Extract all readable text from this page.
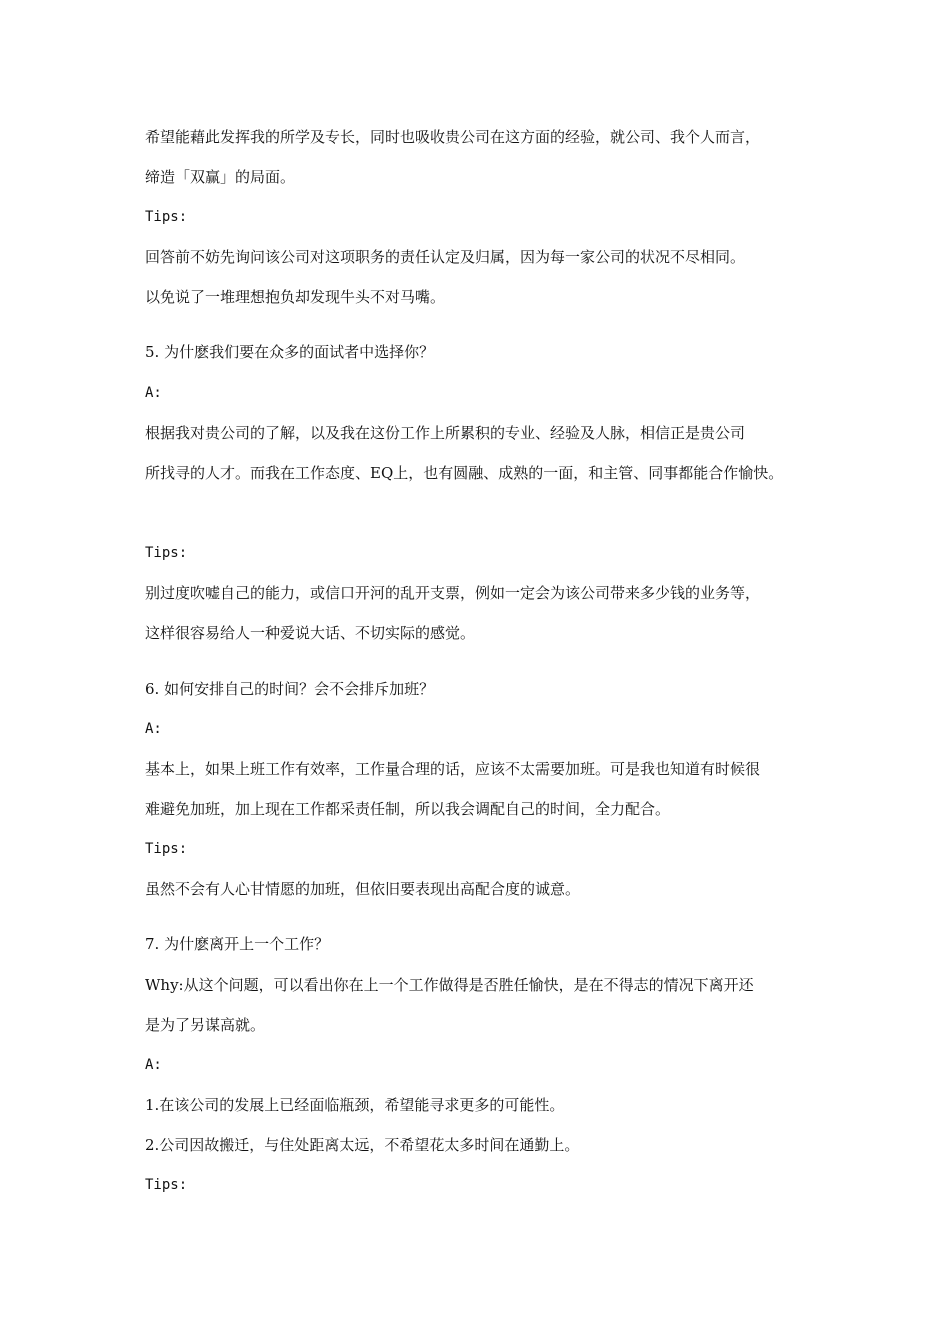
希望能藉此发挥我的所学及专长，同时也吸收贵公司在这方面的经验，就公司、我个人而言，
缔造「双赢」的局面。
Tips:
回答前不妨先询问该公司对这项职务的责任认定及归属，因为每一家公司的状况不尽相同。
以免说了一堆理想抱负却发现牛头不对马嘴。
5. 为什麽我们要在众多的面试者中选择你？
A:
根据我对贵公司的了解，以及我在这份工作上所累积的专业、经验及人脉，相信正是贵公司
所找寻的人才。而我在工作态度、EQ上，也有圆融、成熟的一面，和主管、同事都能合作愉快。
Tips:
别过度吹嘘自己的能力，或信口开河的乱开支票，例如一定会为该公司带来多少钱的业务等，
这样很容易给人一种爱说大话、不切实际的感觉。
6. 如何安排自己的时间？会不会排斥加班？
A:
基本上，如果上班工作有效率，工作量合理的话，应该不太需要加班。可是我也知道有时候很
难避免加班，加上现在工作都采责任制，所以我会调配自己的时间，全力配合。
Tips:
虽然不会有人心甘情愿的加班，但依旧要表现出高配合度的诚意。
7. 为什麽离开上一个工作？
Why:从这个问题，可以看出你在上一个工作做得是否胜任愉快，是在不得志的情况下离开还
是为了另谋高就。
A:
1.在该公司的发展上已经面临瓶颈，希望能寻求更多的可能性。
2.公司因故搬迁，与住处距离太远，不希望花太多时间在通勤上。
Tips:
